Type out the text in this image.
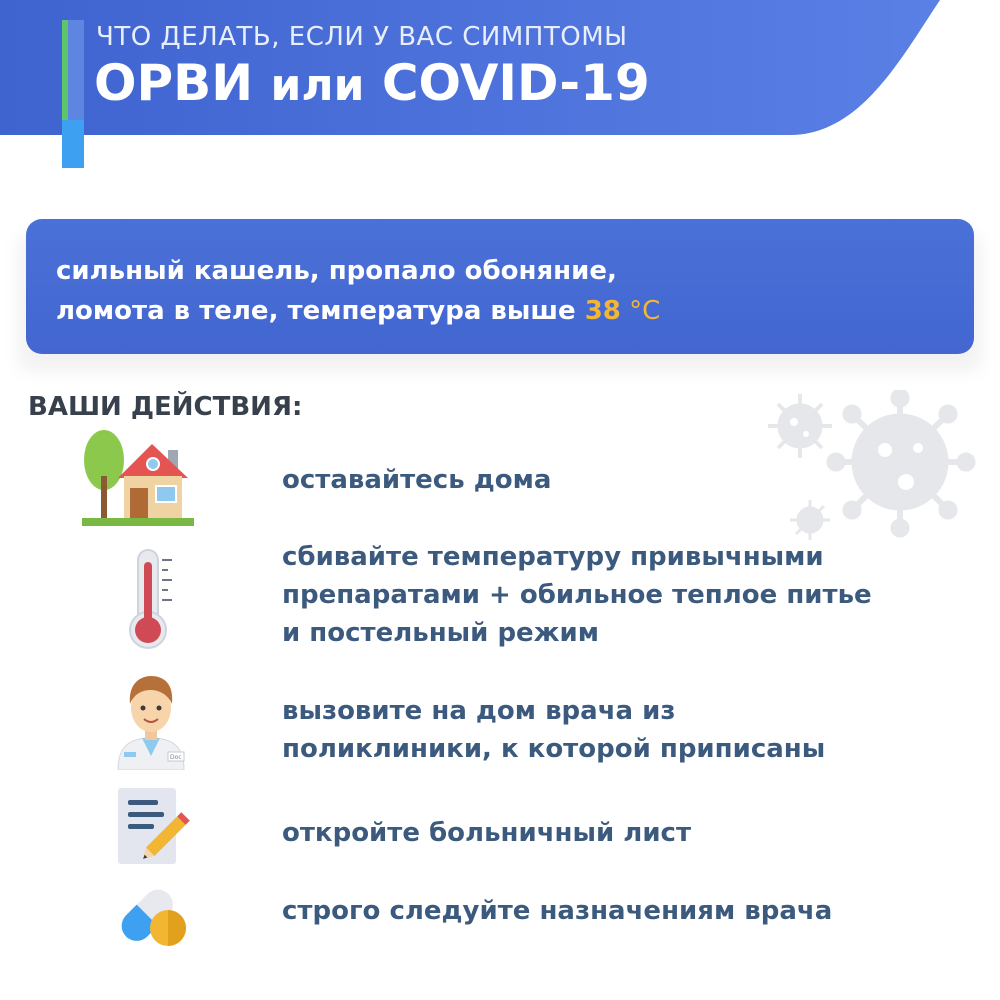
ЧТО ДЕЛАТЬ, ЕСЛИ У ВАС СИМПТОМЫ
ОРВИ или COVID-19
сильный кашель, пропало обоняние,
ломота в теле, температура выше 38 °C
ВАШИ ДЕЙСТВИЯ:
оставайтесь дома
сбивайте температуру привычными
препаратами + обильное теплое питье
и постельный режим
Doc
вызовите на дом врача из
поликлиники, к которой приписаны
откройте больничный лист
строго следуйте назначениям врача
